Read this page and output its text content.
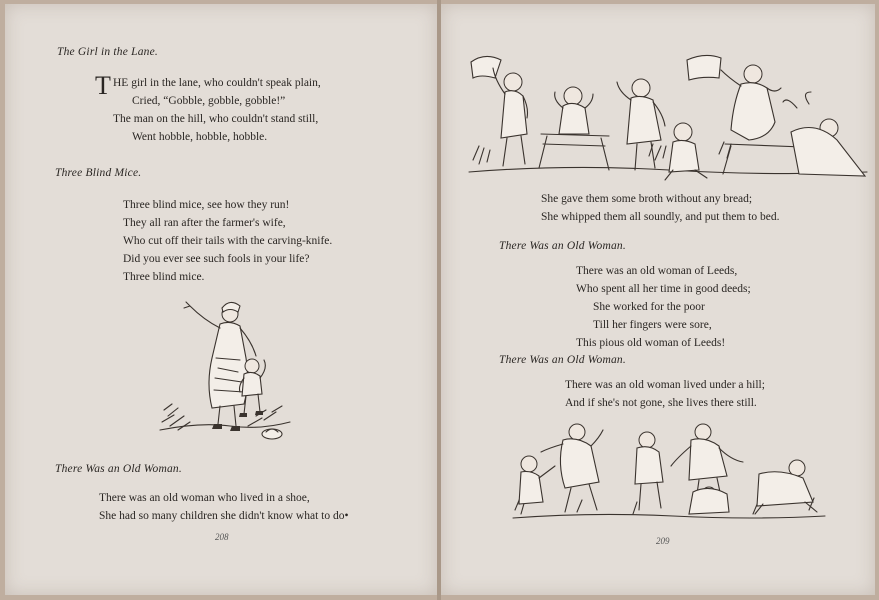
The Girl in the Lane.
T HE girl in the lane, who couldn't speak plain,
Cried, “Gobble, gobble, gobble!”
The man on the hill, who couldn't stand still,
Went hobble, hobble, hobble.
Three Blind Mice.
Three blind mice, see how they run!
They all ran after the farmer's wife,
Who cut off their tails with the carving-knife.
Did you ever see such fools in your life?
Three blind mice.
There Was an Old Woman.
There was an old woman who lived in a shoe,
She had so many children she didn't know what to do•
208
She gave them some broth without any bread;
She whipped them all soundly, and put them to bed.
There Was an Old Woman.
There was an old woman of Leeds,
Who spent all her time in good deeds;
She worked for the poor
Till her fingers were sore,
This pious old woman of Leeds!
There Was an Old Woman.
There was an old woman lived under a hill;
And if she's not gone, she lives there still.
209
